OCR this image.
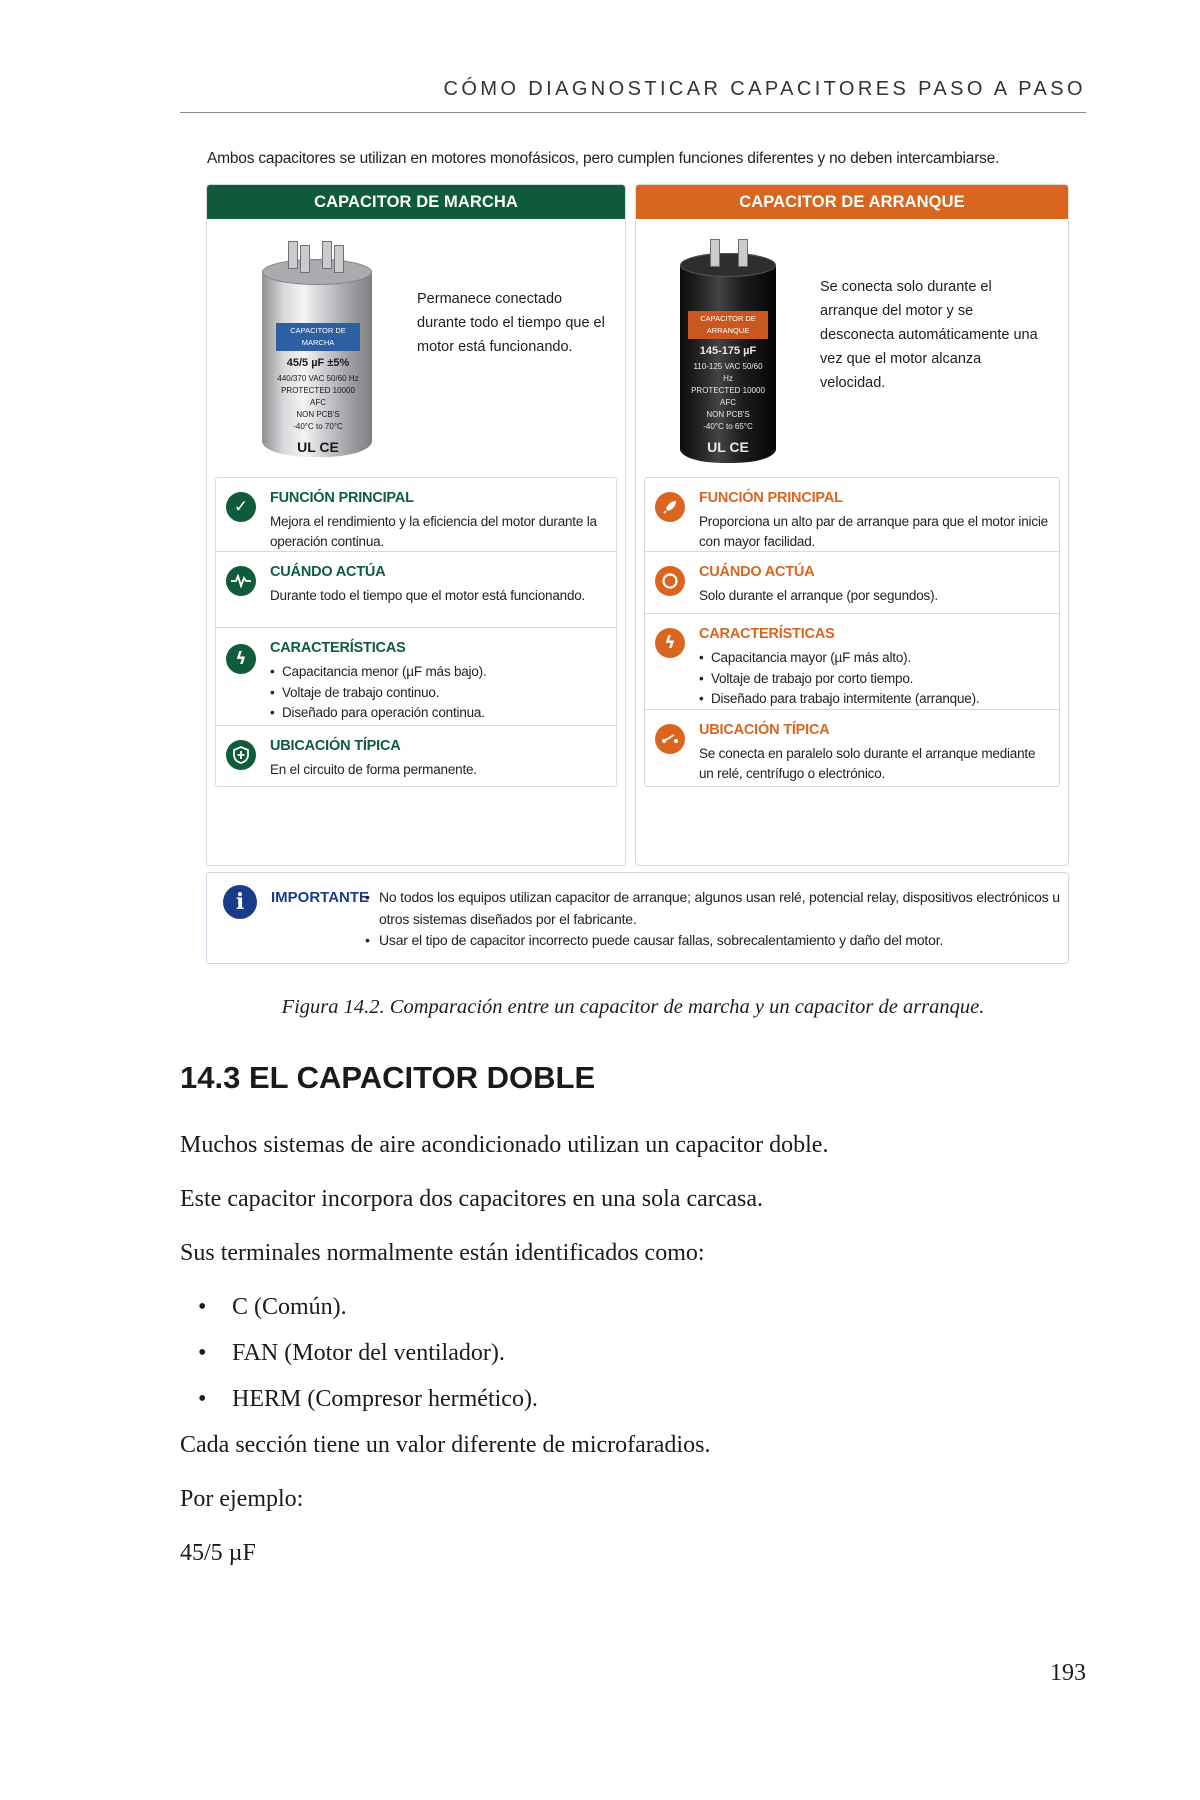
CÓMO DIAGNOSTICAR CAPACITORES PASO A PASO
Ambos capacitores se utilizan en motores monofásicos, pero cumplen funciones diferentes y no deben intercambiarse.
CAPACITOR DE MARCHA
CAPACITOR DE MARCHA
45/5 µF ±5%
440/370 VAC 50/60 Hz
PROTECTED 10000 AFC
NON PCB'S
-40°C to 70°C
UL CE
Permanece conectado durante todo el tiempo que el motor está funcionando.
✓	FUNCIÓN PRINCIPAL
Mejora el rendimiento y la eficiencia del motor durante la operación continua.
CUÁNDO ACTÚA
Durante todo el tiempo que el motor está funcionando.
ϟ
CARACTERÍSTICAS
• Capacitancia menor (µF más bajo).
• Voltaje de trabajo continuo.
• Diseñado para operación continua.
UBICACIÓN TÍPICA
En el circuito de forma permanente.
CAPACITOR DE ARRANQUE
CAPACITOR DE ARRANQUE
145-175 µF
110-125 VAC 50/60 Hz
PROTECTED 10000 AFC
NON PCB'S
-40°C to 65°C
UL CE
Se conecta solo durante el arranque del motor y se desconecta automáticamente una vez que el motor alcanza velocidad.
FUNCIÓN PRINCIPAL
Proporciona un alto par de arranque para que el motor inicie con mayor facilidad.
CUÁNDO ACTÚA
Solo durante el arranque (por segundos).
ϟ	CARACTERÍSTICAS
• Capacitancia mayor (µF más alto).
• Voltaje de trabajo por corto tiempo.
• Diseñado para trabajo intermitente (arranque).
UBICACIÓN TÍPICA
Se conecta en paralelo solo durante el arranque mediante un relé, centrífugo o electrónico.
i	IMPORTANTE
• No todos los equipos utilizan capacitor de arranque; algunos usan relé, potencial relay, dispositivos electrónicos u otros sistemas diseñados por el fabricante.
• Usar el tipo de capacitor incorrecto puede causar fallas, sobrecalentamiento y daño del motor.
Figura 14.2. Comparación entre un capacitor de marcha y un capacitor de arranque.
14.3 EL CAPACITOR DOBLE
Muchos sistemas de aire acondicionado utilizan un capacitor doble.
Este capacitor incorpora dos capacitores en una sola carcasa.
Sus terminales normalmente están identificados como:
• C (Común).
• FAN (Motor del ventilador).
• HERM (Compresor hermético).
Cada sección tiene un valor diferente de microfaradios.
Por ejemplo:
45/5 µF
193
